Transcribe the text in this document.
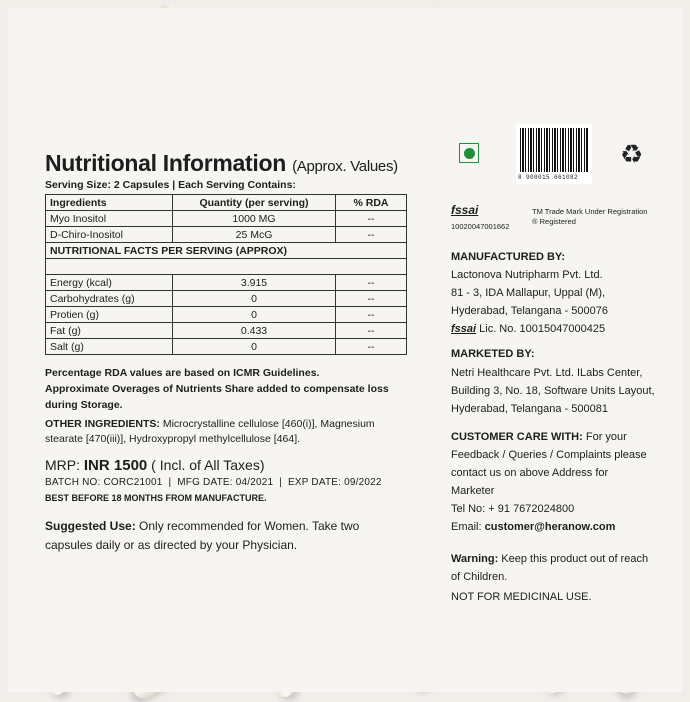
Nutritional Information (Approx. Values)
Serving Size: 2 Capsules | Each Serving Contains:
Ingredients	Quantity (per serving)	% RDA
Myo Inositol	1000 MG	--
D-Chiro-Inositol	25 McG	--
NUTRITIONAL FACTS PER SERVING (APPROX)		

Energy (kcal)	3.915	--
Carbohydrates (g)	0	--
Protien (g)	0	--
Fat (g)	0.433	--
Salt (g)	0	--
Percentage RDA values are based on ICMR Guidelines.
Approximate Overages of Nutrients Share added to compensate loss during Storage.
OTHER INGREDIENTS: Microcrystalline cellulose [460(i)], Magnesium stearate [470(iii)], Hydroxypropyl methylcellulose [464].
MRP: INR 1500 ( Incl. of All Taxes)
BATCH NO: CORC21001  |  MFG DATE: 04/2021  |  EXP DATE: 09/2022
BEST BEFORE 18 MONTHS FROM MANUFACTURE.
Suggested Use: Only recommended for Women. Take two capsules daily or as directed by your Physician.
8 908015 661082
♻
fssai
10020047001662
TM Trade Mark Under Registration
® Registered
MANUFACTURED BY:
Lactonova Nutripharm Pvt. Ltd.
81 - 3, IDA Mallapur, Uppal (M),
Hyderabad, Telangana - 500076
fssai Lic. No. 10015047000425
MARKETED BY:
Netri Healthcare Pvt. Ltd. ILabs Center,
Building 3, No. 18, Software Units Layout,
Hyderabad, Telangana - 500081
CUSTOMER CARE WITH: For your Feedback / Queries / Complaints please contact us on above Address for Marketer
Tel No: + 91 7672024800
Email: customer@heranow.com
Warning: Keep this product out of reach of Children.
NOT FOR MEDICINAL USE.
